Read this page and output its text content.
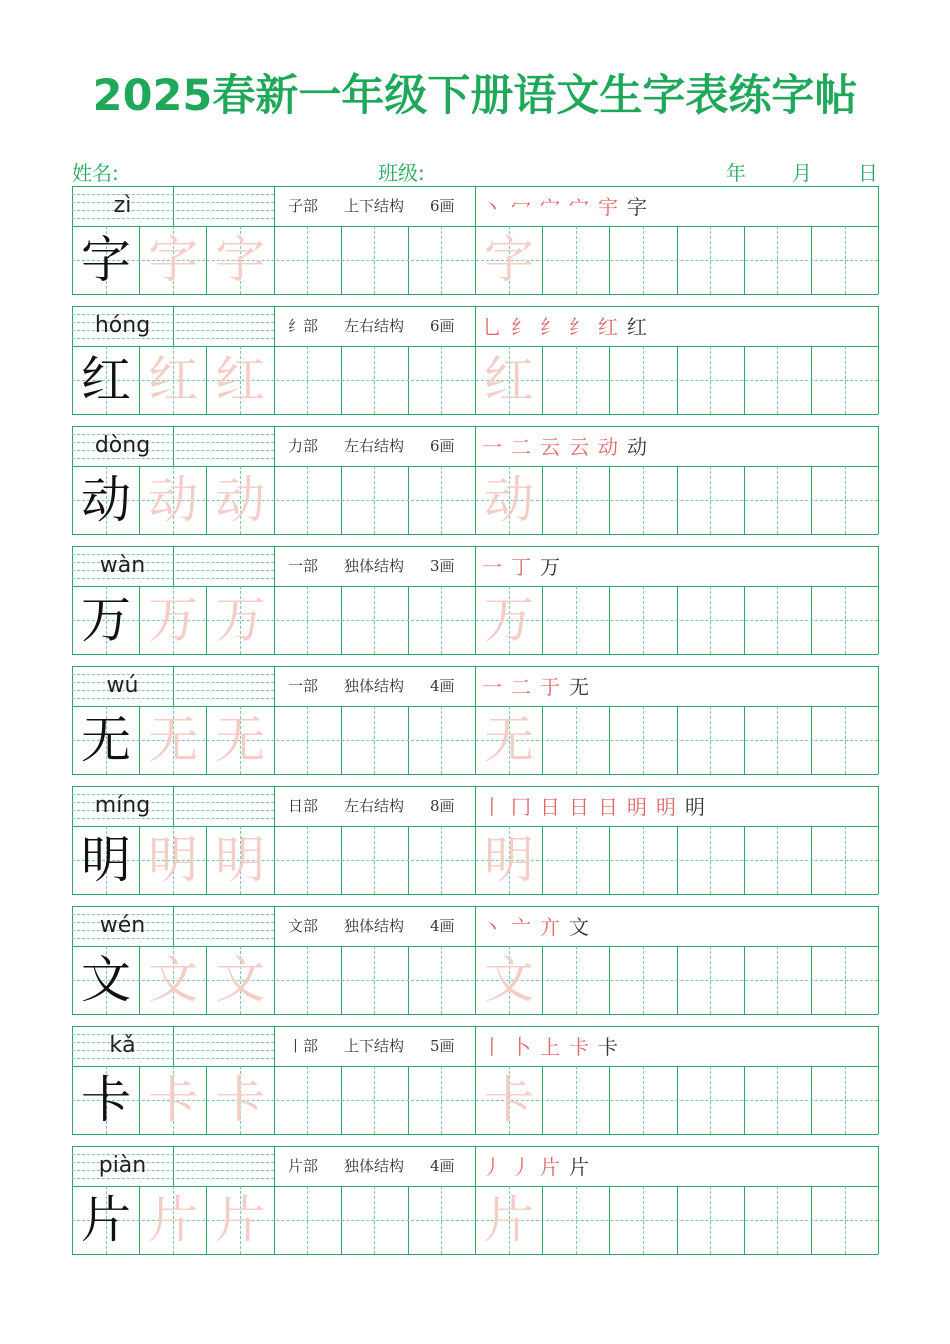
2025春新一年级下册语文生字表练字帖
姓名:	班级:	年 月 日
zì	子部 上下结构 6画 丶 冖 宀 宀 宇 字
字 字 字	字
hóng	纟部 左右结构 6画 乚 纟 纟 纟 红 红
红 红 红	红
dòng	力部 左右结构 6画 一 二 云 云 动 动
动 动 动	动
wàn	一部 独体结构 3画 一 丁 万
万 万 万	万
wú	一部 独体结构 4画 一 二 于 无
无 无 无	无
míng	日部 左右结构 8画 丨 冂 日 日 日 明 明 明
明 明 明	明
wén	文部 独体结构 4画 丶 亠 亣 文
文 文 文	文
kǎ	丨部 上下结构 5画 丨 卜 上 卡 卡
卡 卡 卡	卡
piàn	片部 独体结构 4画 丿 丿 片 片
片 片 片	片
